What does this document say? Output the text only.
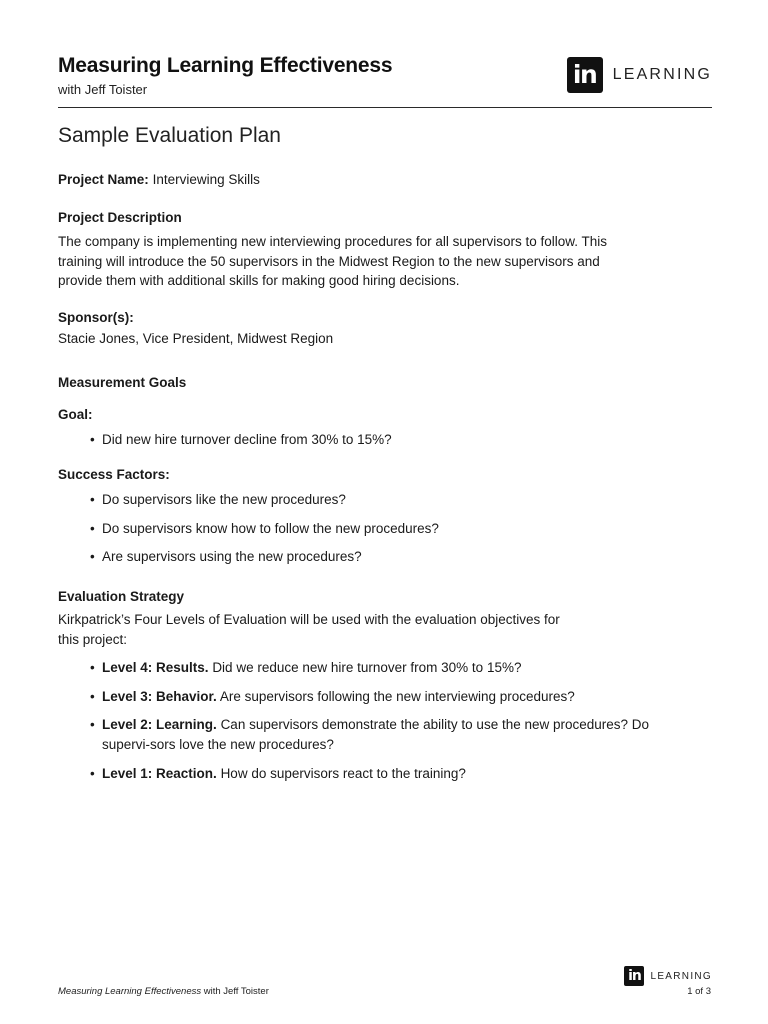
Measuring Learning Effectiveness
with Jeff Toister
in	LEARNING
Sample Evaluation Plan
Project Name: Interviewing Skills
Project Description
The company is implementing new interviewing procedures for all supervisors to follow. This
training will introduce the 50 supervisors in the Midwest Region to the new supervisors and
provide them with additional skills for making good hiring decisions.
Sponsor(s):
Stacie Jones, Vice President, Midwest Region
Measurement Goals
Goal:
• Did new hire turnover decline from 30% to 15%?
Success Factors:
• Do supervisors like the new procedures?
• Do supervisors know how to follow the new procedures?
• Are supervisors using the new procedures?
Evaluation Strategy
Kirkpatrick’s Four Levels of Evaluation will be used with the evaluation objectives for
this project:
• Level 4: Results. Did we reduce new hire turnover from 30% to 15%?
• Level 3: Behavior. Are supervisors following the new interviewing procedures?
• Level 2: Learning. Can supervisors demonstrate the ability to use the new procedures? Do supervi-sors love the new procedures?
• Level 1: Reaction. How do supervisors react to the training?
in LEARNING
Measuring Learning Effectiveness with Jeff Toister	1 of 3
